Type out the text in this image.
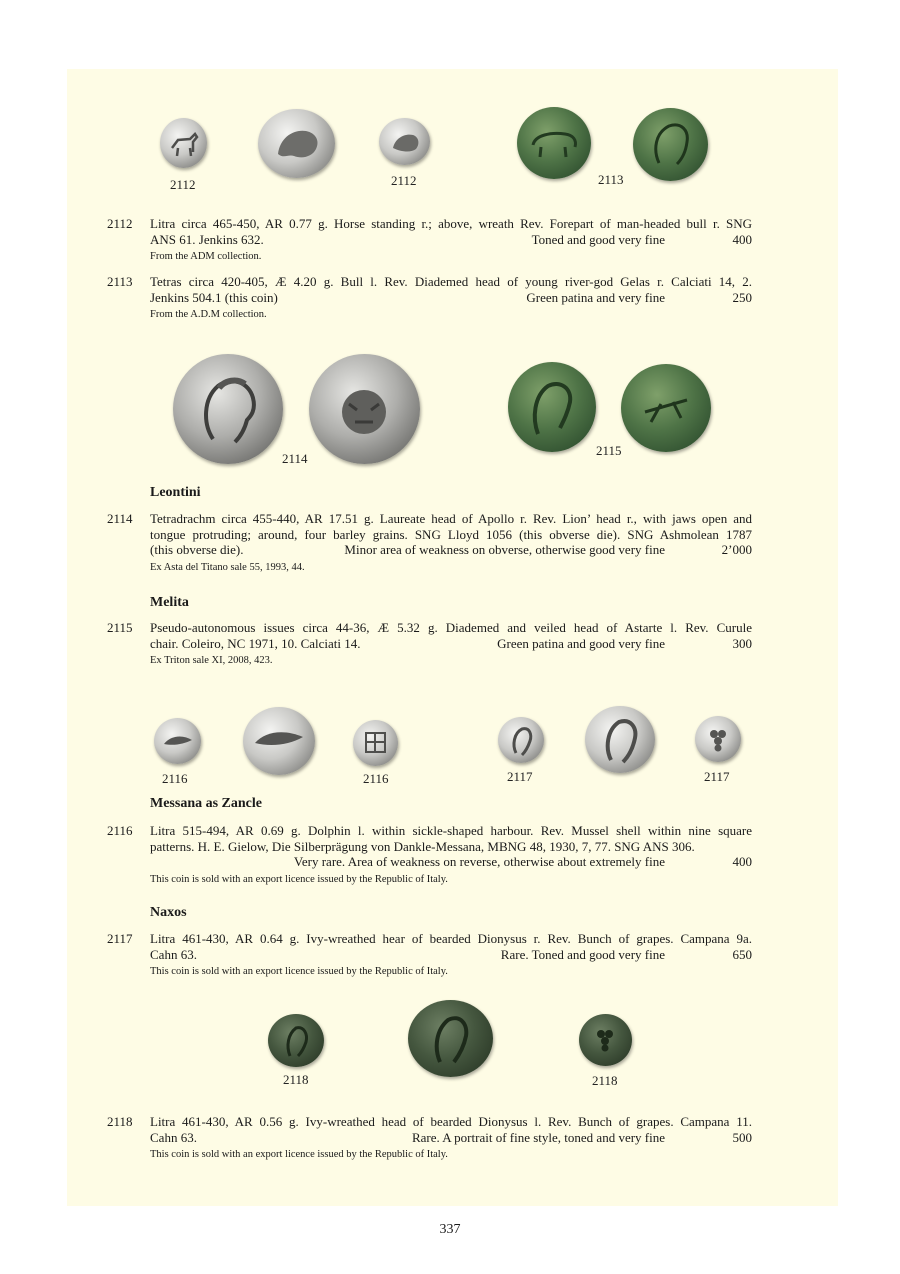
2112	2112	2113
2112	Litra circa 465-450, AR 0.77 g. Horse standing r.; above, wreath Rev. Forepart of man-headed bull r. SNG
ANS 61. Jenkins 632.	Toned and good very fine	400
From the ADM collection.
2113	Tetras circa 420-405, Æ 4.20 g. Bull l. Rev. Diademed head of young river-god Gelas r. Calciati 14, 2.
Jenkins 504.1 (this coin)	Green patina and very fine	250
From the A.D.M collection.
2114
2115
Leontini
2114	Tetradrachm circa 455-440, AR 17.51 g. Laureate head of Apollo r. Rev. Lion’ head r., with jaws open and
tongue protruding; around, four barley grains. SNG Lloyd 1056 (this obverse die). SNG Ashmolean 1787
(this obverse die).	Minor area of weakness on obverse, otherwise good very fine	2’000
Ex Asta del Titano sale 55, 1993, 44.
Melita
2115	Pseudo-autonomous issues circa 44-36, Æ 5.32 g. Diademed and veiled head of Astarte l. Rev. Curule
chair. Coleiro, NC 1971, 10. Calciati 14.	Green patina and good very fine	300
Ex Triton sale XI, 2008, 423.
2116	2116	2117	2117
Messana as Zancle
2116	Litra 515-494, AR 0.69 g. Dolphin l. within sickle-shaped harbour. Rev. Mussel shell within nine square
patterns. H. E. Gielow, Die Silberprägung von Dankle-Messana, MBNG 48, 1930, 7, 77. SNG ANS 306.
Very rare. Area of weakness on reverse, otherwise about extremely fine	400
This coin is sold with an export licence issued by the Republic of Italy.
Naxos
2117	Litra 461-430, AR 0.64 g. Ivy-wreathed hear of bearded Dionysus r. Rev. Bunch of grapes. Campana 9a.
Cahn 63.	Rare. Toned and good very fine	650
This coin is sold with an export licence issued by the Republic of Italy.
2118	2118
2118	Litra 461-430, AR 0.56 g. Ivy-wreathed head of bearded Dionysus l. Rev. Bunch of grapes. Campana 11.
Cahn 63.	Rare. A portrait of fine style, toned and very fine	500
This coin is sold with an export licence issued by the Republic of Italy.
337
